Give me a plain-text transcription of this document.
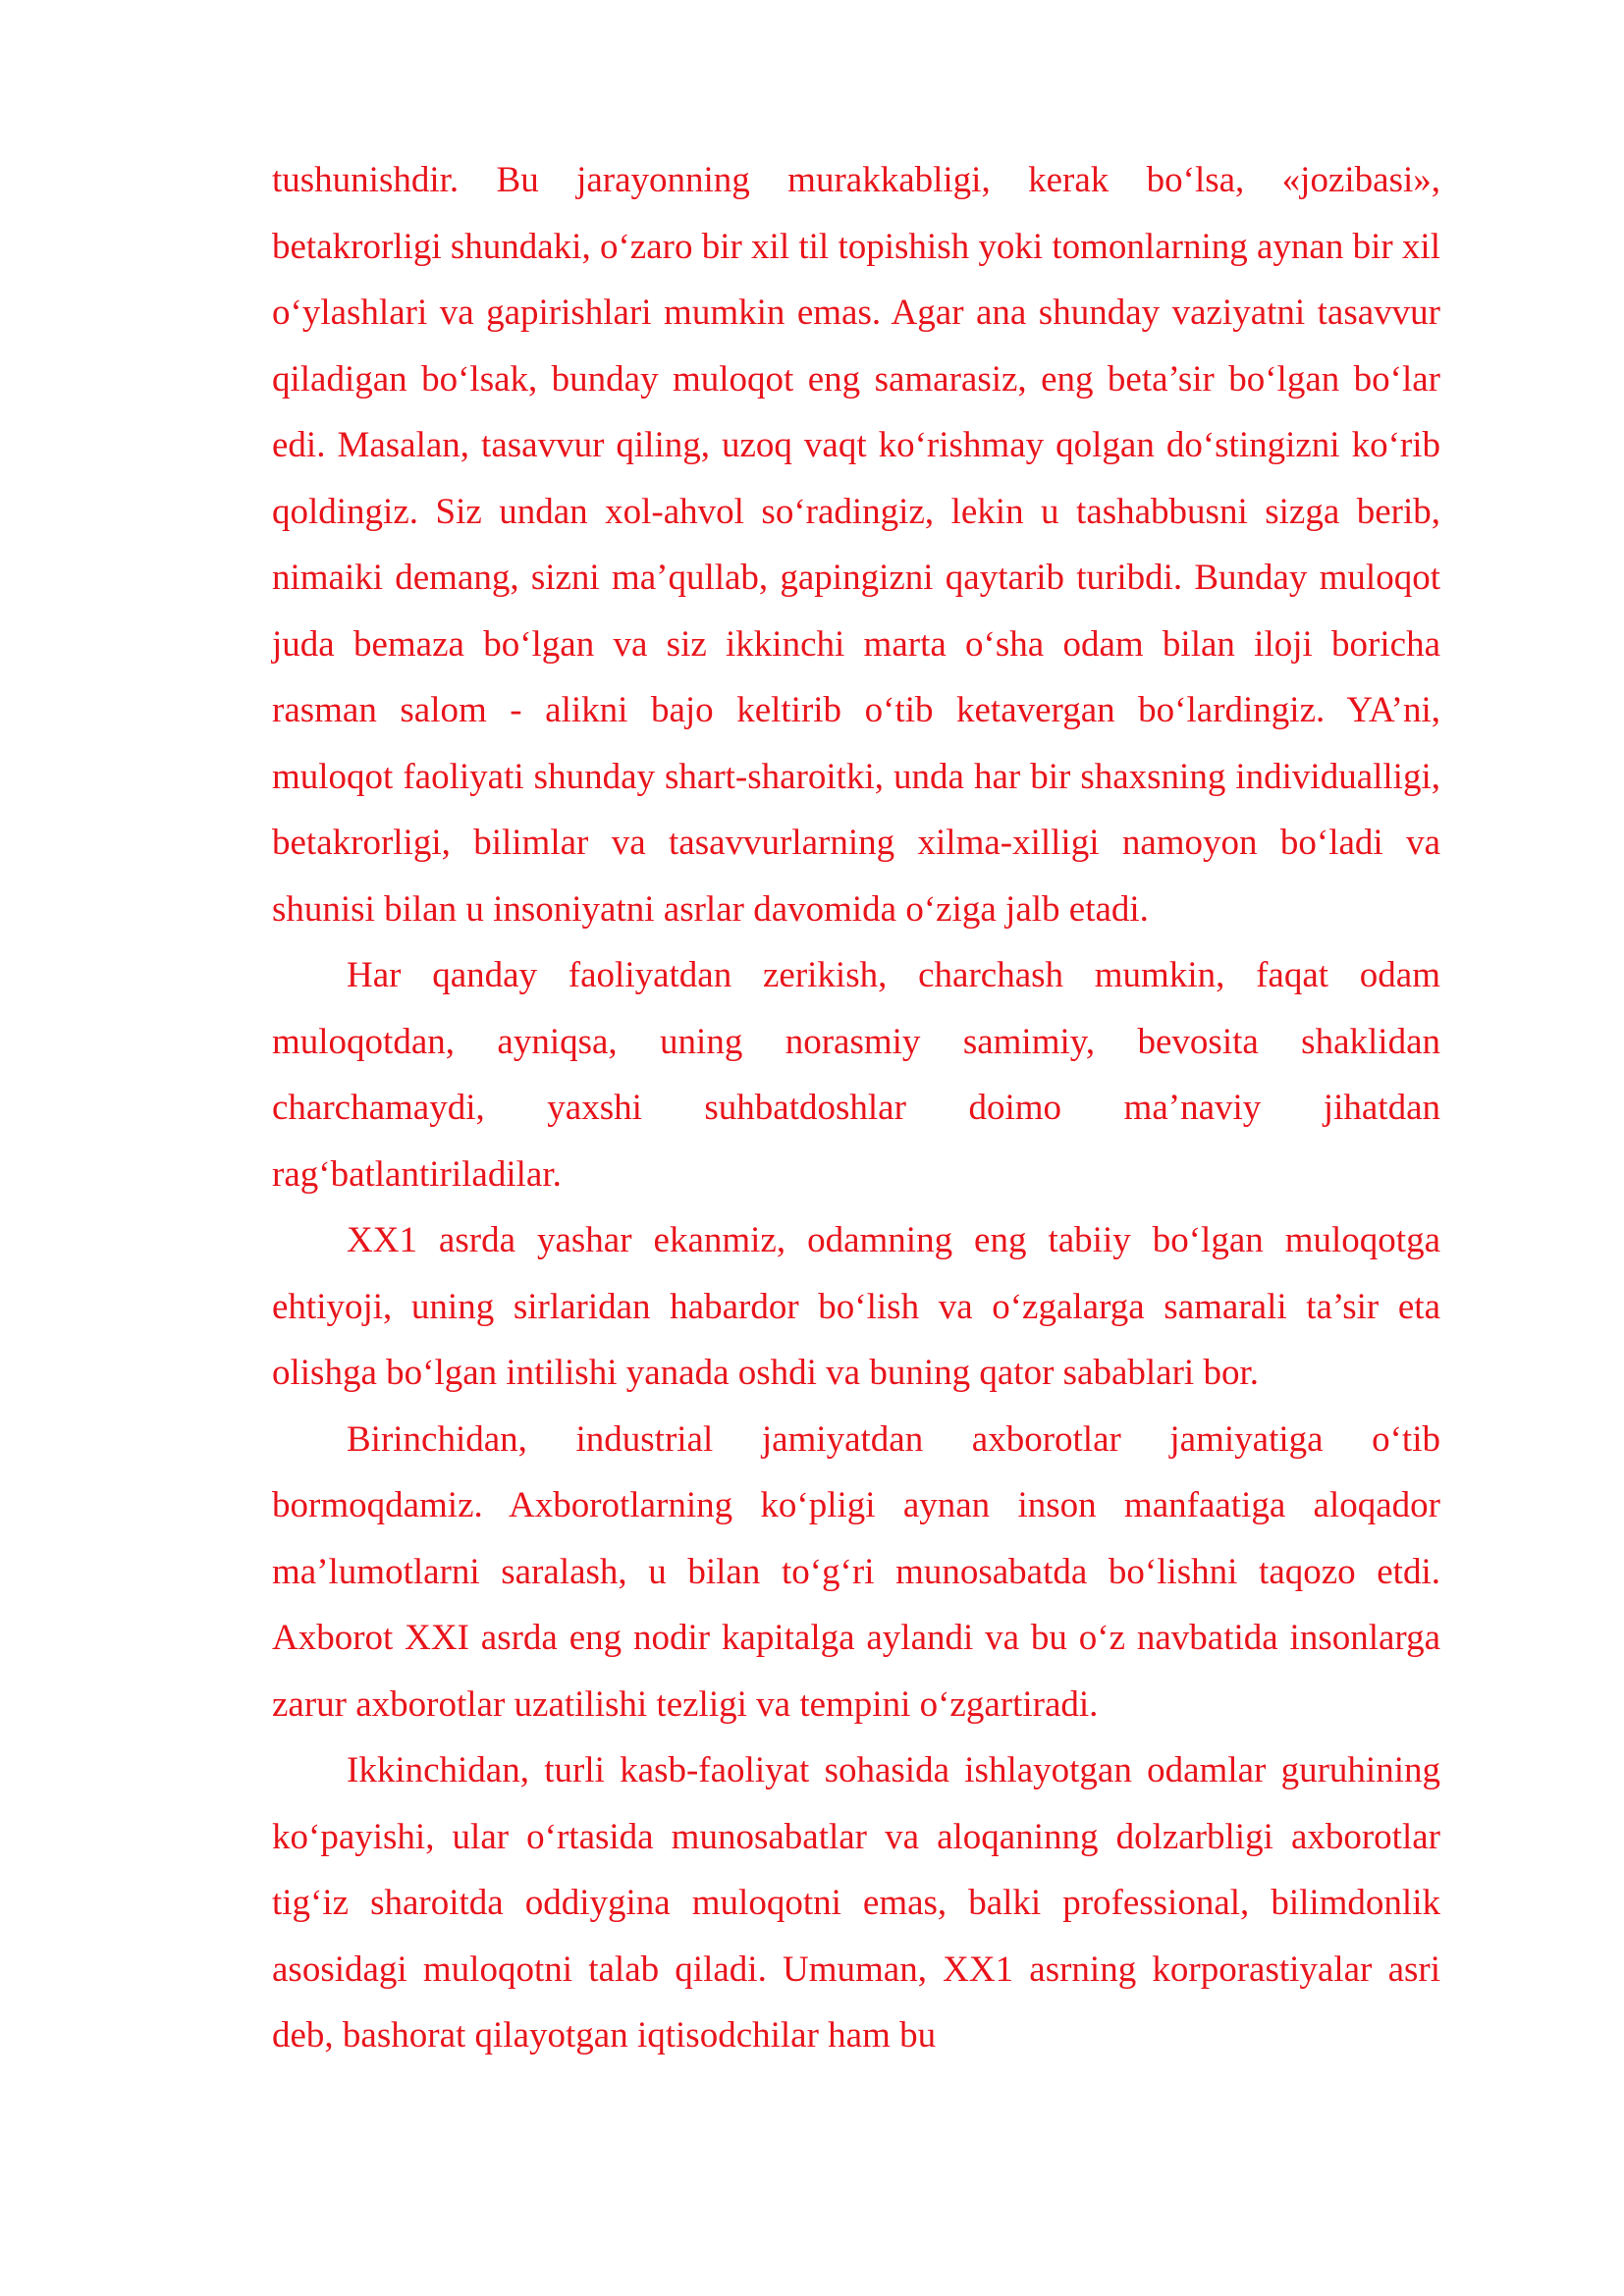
tushunishdir. Bu jarayonning murakkabligi, kerak bo‘lsa, «jozibasi», betakrorligi shundaki, o‘zaro bir xil til topishish yoki tomonlarning aynan bir xil o‘ylashlari va gapirishlari mumkin emas. Agar ana shunday vaziyatni tasavvur qiladigan bo‘lsak, bunday muloqot eng samarasiz, eng beta’sir bo‘lgan bo‘lar edi. Masalan, tasavvur qiling, uzoq vaqt ko‘rishmay qolgan do‘stingizni ko‘rib qoldingiz. Siz undan xol-ahvol so‘radingiz, lekin u tashabbusni sizga berib, nimaiki demang, sizni ma’qullab, gapingizni qaytarib turibdi. Bunday muloqot juda bemaza bo‘lgan va siz ikkinchi marta o‘sha odam bilan iloji boricha rasman salom - alikni bajo keltirib o‘tib ketavergan bo‘lardingiz. YA’ni, muloqot faoliyati shunday shart-sharoitki, unda har bir shaxsning individualligi, betakrorligi, bilimlar va tasavvurlarning xilma-xilligi namoyon bo‘ladi va shunisi bilan u insoniyatni asrlar davomida o‘ziga jalb etadi.

Har qanday faoliyatdan zerikish, charchash mumkin, faqat odam muloqotdan, ayniqsa, uning norasmiy samimiy, bevosita shaklidan charchamaydi, yaxshi suhbatdoshlar doimo ma’naviy jihatdan rag‘batlantiriladilar.

XX1 asrda yashar ekanmiz, odamning eng tabiiy bo‘lgan muloqotga ehtiyoji, uning sirlaridan habardor bo‘lish va o‘zgalarga samarali ta’sir eta olishga bo‘lgan intilishi yanada oshdi va buning qator sabablari bor.

Birinchidan, industrial jamiyatdan axborotlar jamiyatiga o‘tib bormoqdamiz. Axborotlarning ko‘pligi aynan inson manfaatiga aloqador ma’lumotlarni saralash, u bilan to‘g‘ri munosabatda bo‘lishni taqozo etdi. Axborot XXI asrda eng nodir kapitalga aylandi va bu o‘z navbatida insonlarga zarur axborotlar uzatilishi tezligi va tempini o‘zgartiradi.

Ikkinchidan, turli kasb-faoliyat sohasida ishlayotgan odamlar guruhining ko‘payishi, ular o‘rtasida munosabatlar va aloqaninng dolzarbligi axborotlar tig‘iz sharoitda oddiygina muloqotni emas, balki professional, bilimdonlik asosidagi muloqotni talab qiladi. Umuman, XX1 asrning korporastiyalar asri deb, bashorat qilayotgan iqtisodchilar ham bu
